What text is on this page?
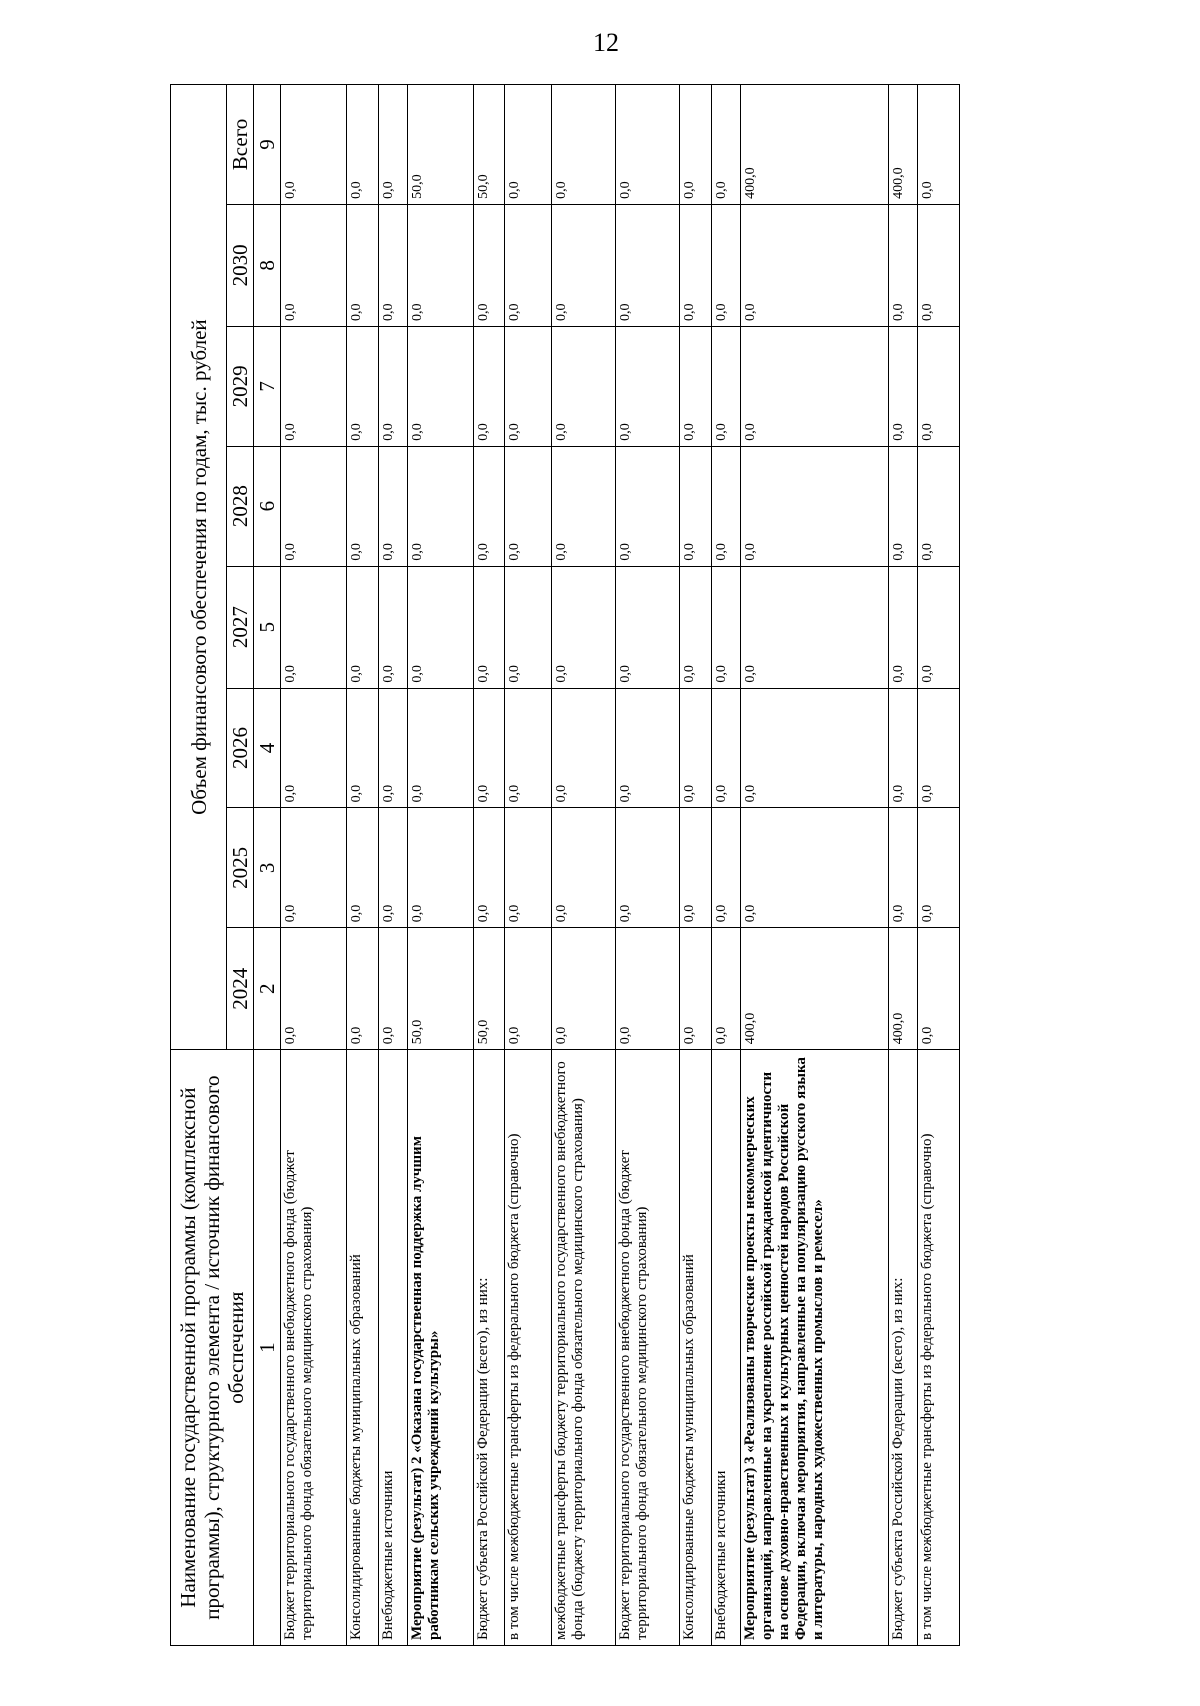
12
Наименование государственной программы (комплексной программы), структурного элемента / источник финансового обеспечения	Объем финансового обеспечения по годам, тыс. рублей							
	2024	2025	2026	2027	2028	2029	2030	Всего
1	2	3	4	5	6	7	8	9
Бюджет территориального государственного внебюджетного фонда (бюджет территориального фонда обязательного медицинского страхования)	0,0	0,0	0,0	0,0	0,0	0,0	0,0	0,0
Консолидированные бюджеты муниципальных образований	0,0	0,0	0,0	0,0	0,0	0,0	0,0	0,0
Внебюджетные источники	0,0	0,0	0,0	0,0	0,0	0,0	0,0	0,0
Мероприятие (результат) 2 «Оказана государственная поддержка лучшим работникам сельских учреждений культуры»	50,0	0,0	0,0	0,0	0,0	0,0	0,0	50,0
Бюджет субъекта Российской Федерации (всего), из них:	50,0	0,0	0,0	0,0	0,0	0,0	0,0	50,0
в том числе межбюджетные трансферты из федерального бюджета (справочно)	0,0	0,0	0,0	0,0	0,0	0,0	0,0	0,0
межбюджетные трансферты бюджету территориального государственного внебюджетного фонда (бюджету территориального фонда обязательного медицинского страхования)	0,0	0,0	0,0	0,0	0,0	0,0	0,0	0,0
Бюджет территориального государственного внебюджетного фонда (бюджет территориального фонда обязательного медицинского страхования)	0,0	0,0	0,0	0,0	0,0	0,0	0,0	0,0
Консолидированные бюджеты муниципальных образований	0,0	0,0	0,0	0,0	0,0	0,0	0,0	0,0
Внебюджетные источники	0,0	0,0	0,0	0,0	0,0	0,0	0,0	0,0
Мероприятие (результат) 3 «Реализованы творческие проекты некоммерческих организаций, направленные на укрепление российской гражданской идентичности на основе духовно-нравственных и культурных ценностей народов Российской Федерации, включая мероприятия, направленные на популяризацию русского языка и литературы, народных художественных промыслов и ремесел»	400,0	0,0	0,0	0,0	0,0	0,0	0,0	400,0
Бюджет субъекта Российской Федерации (всего), из них:	400,0	0,0	0,0	0,0	0,0	0,0	0,0	400,0
в том числе межбюджетные трансферты из федерального бюджета (справочно)	0,0	0,0	0,0	0,0	0,0	0,0	0,0	0,0
